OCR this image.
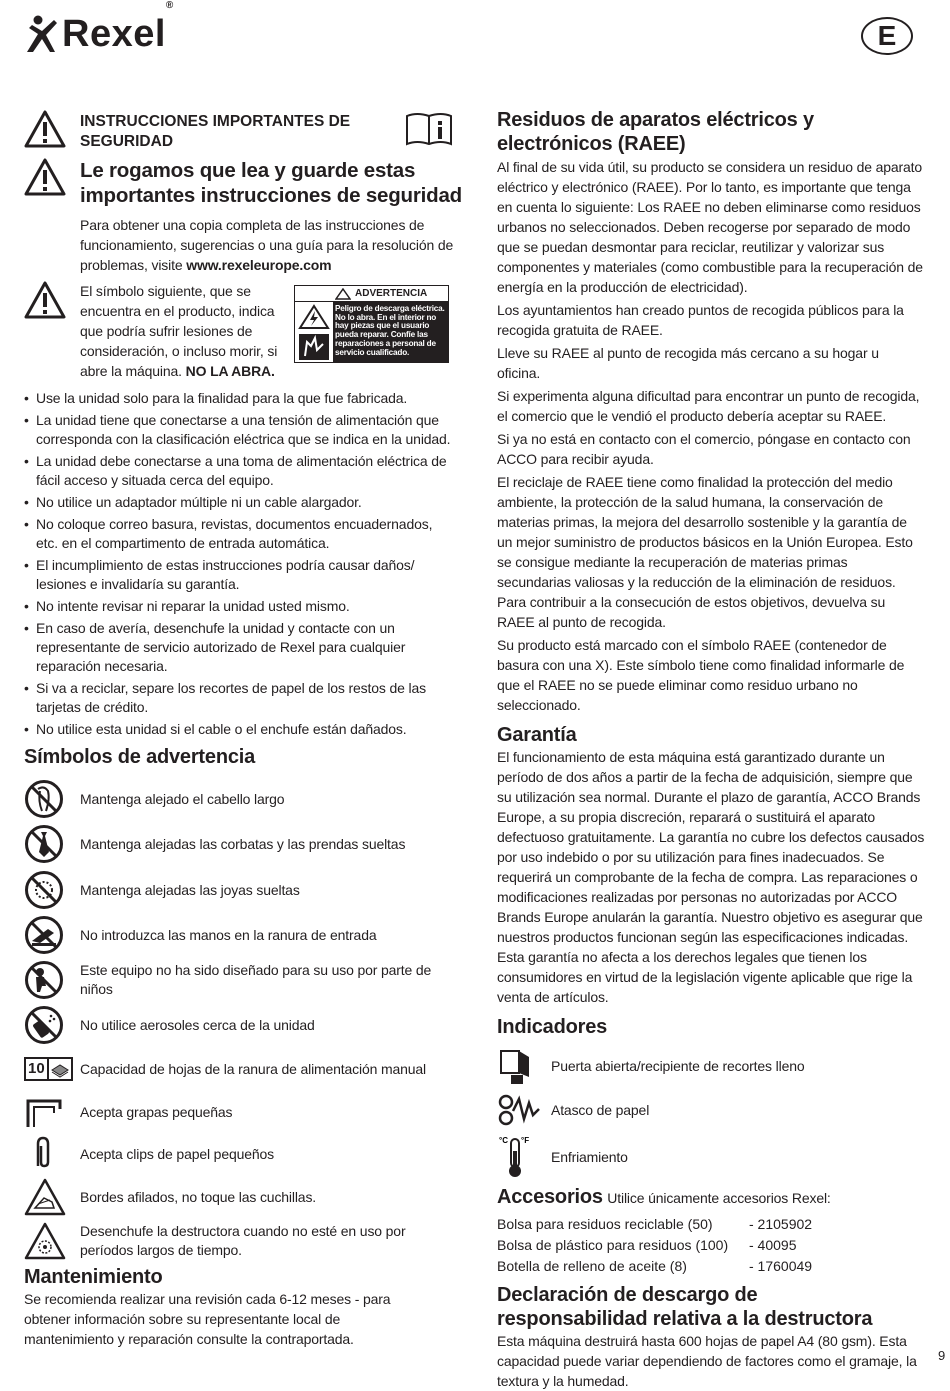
Rexel®
E
INSTRUCCIONES IMPORTANTES DE SEGURIDAD
Le rogamos que lea y guarde estas importantes instrucciones de seguridad
Para obtener una copia completa de las instrucciones de funcionamiento, sugerencias o una guía para la resolución de problemas, visite www.rexeleurope.com
El símbolo siguiente, que se encuentra en el producto, indica que podría sufrir lesiones de consideración, o incluso morir, si abre la máquina. NO LA ABRA.
ADVERTENCIA
Peligro de descarga eléctrica. No lo abra. En el interior no hay piezas que el usuario pueda reparar. Confíe las reparaciones a personal de servicio cualificado.
• Use la unidad solo para la finalidad para la que fue fabricada.
• La unidad tiene que conectarse a una tensión de alimentación que corresponda con la clasificación eléctrica que se indica en la unidad.
• La unidad debe conectarse a una toma de alimentación eléctrica de fácil acceso y situada cerca del equipo.
• No utilice un adaptador múltiple ni un cable alargador.
• No coloque correo basura, revistas, documentos encuadernados, etc. en el compartimento de entrada automática.
• El incumplimiento de estas instrucciones podría causar daños/ lesiones e invalidaría su garantía.
• No intente revisar ni reparar la unidad usted mismo.
• En caso de avería, desenchufe la unidad y contacte con un representante de servicio autorizado de Rexel para cualquier reparación necesaria.
• Si va a reciclar, separe los recortes de papel de los restos de las tarjetas de crédito.
• No utilice esta unidad si el cable o el enchufe están dañados.
Símbolos de advertencia
Mantenga alejado el cabello largo
Mantenga alejadas las corbatas y las prendas sueltas
Mantenga alejadas las joyas sueltas
No introduzca las manos en la ranura de entrada
Este equipo no ha sido diseñado para su uso por parte de niños
No utilice aerosoles cerca de la unidad
10	Capacidad de hojas de la ranura de alimentación manual
Acepta grapas pequeñas
Acepta clips de papel pequeños
Bordes afilados, no toque las cuchillas.
Desenchufe la destructora cuando no esté en uso por períodos largos de tiempo.
Mantenimiento
Se recomienda realizar una revisión cada 6-12 meses - para obtener información sobre su representante local de mantenimiento y reparación consulte la contraportada.
Residuos de aparatos eléctricos y electrónicos (RAEE)
Al final de su vida útil, su producto se considera un residuo de aparato eléctrico y electrónico (RAEE). Por lo tanto, es importante que tenga en cuenta lo siguiente: Los RAEE no deben eliminarse como residuos urbanos no seleccionados. Deben recogerse por separado de modo que se puedan desmontar para reciclar, reutilizar y valorizar sus componentes y materiales (como combustible para la recuperación de energía en la producción de electricidad).
Los ayuntamientos han creado puntos de recogida públicos para la recogida gratuita de RAEE.
Lleve su RAEE al punto de recogida más cercano a su hogar u oficina.
Si experimenta alguna dificultad para encontrar un punto de recogida, el comercio que le vendió el producto debería aceptar su RAEE.
Si ya no está en contacto con el comercio, póngase en contacto con ACCO para recibir ayuda.
El reciclaje de RAEE tiene como finalidad la protección del medio ambiente, la protección de la salud humana, la conservación de materias primas, la mejora del desarrollo sostenible y la garantía de un mejor suministro de productos básicos en la Unión Europea. Esto se consigue mediante la recuperación de materias primas secundarias valiosas y la reducción de la eliminación de residuos. Para contribuir a la consecución de estos objetivos, devuelva su RAEE al punto de recogida.
Su producto está marcado con el símbolo RAEE (contenedor de basura con una X). Este símbolo tiene como finalidad informarle de que el RAEE no se puede eliminar como residuo urbano no seleccionado.
Garantía
El funcionamiento de esta máquina está garantizado durante un período de dos años a partir de la fecha de adquisición, siempre que su utilización sea normal. Durante el plazo de garantía, ACCO Brands Europe, a su propia discreción, reparará o sustituirá el aparato defectuoso gratuitamente. La garantía no cubre los defectos causados por uso indebido o por su utilización para fines inadecuados. Se requerirá un comprobante de la fecha de compra. Las reparaciones o modificaciones realizadas por personas no autorizadas por ACCO Brands Europe anularán la garantía. Nuestro objetivo es asegurar que nuestros productos funcionan según las especificaciones indicadas. Esta garantía no afecta a los derechos legales que tienen los consumidores en virtud de la legislación vigente aplicable que rige la venta de artículos.
Indicadores
Puerta abierta/recipiente de recortes lleno
Atasco de papel
°C °F
Enfriamiento
Accesorios Utilice únicamente accesorios Rexel:
Bolsa para residuos reciclable (50)	- 2105902
Bolsa de plástico para residuos (100)	- 40095
Botella de relleno de aceite (8)	- 1760049
Declaración de descargo de responsabilidad relativa a la destructora
Esta máquina destruirá hasta 600 hojas de papel A4 (80 gsm). Esta capacidad puede variar dependiendo de factores como el gramaje, la textura y la humedad.
9
